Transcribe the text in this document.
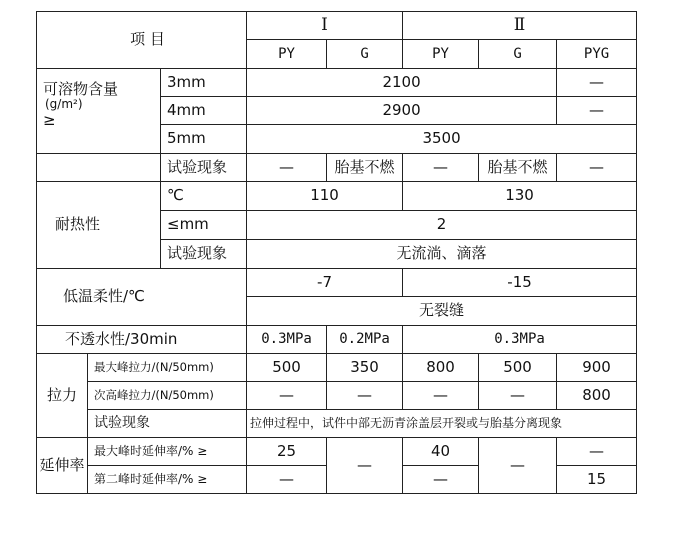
项 目			Ⅰ		Ⅱ		
			PY	G	PY	G	PYG

可溶物含量
(g/m²)
≥		3mm	2100				—
		4mm	2900				—
		5mm	3500				
		试验现象	—	胎基不燃	—	胎基不燃	—
耐热性		℃	110		130		
		≤mm	2				
		试验现象	无流淌、滴落				
低温柔性/℃			-7		-15		
			无裂缝				
不透水性/30min			0.3MPa	0.2MPa	0.3MPa		
拉力	最大峰拉力/(N/50mm)		500	350	800	500	900
	次高峰拉力/(N/50mm)		—	—	—	—	800
	试验现象		拉伸过程中，试件中部无沥青涂盖层开裂或与胎基分离现象				
延伸率	最大峰时延伸率/% ≥		25	—	40	—	—
	第二峰时延伸率/% ≥		—		—		15
